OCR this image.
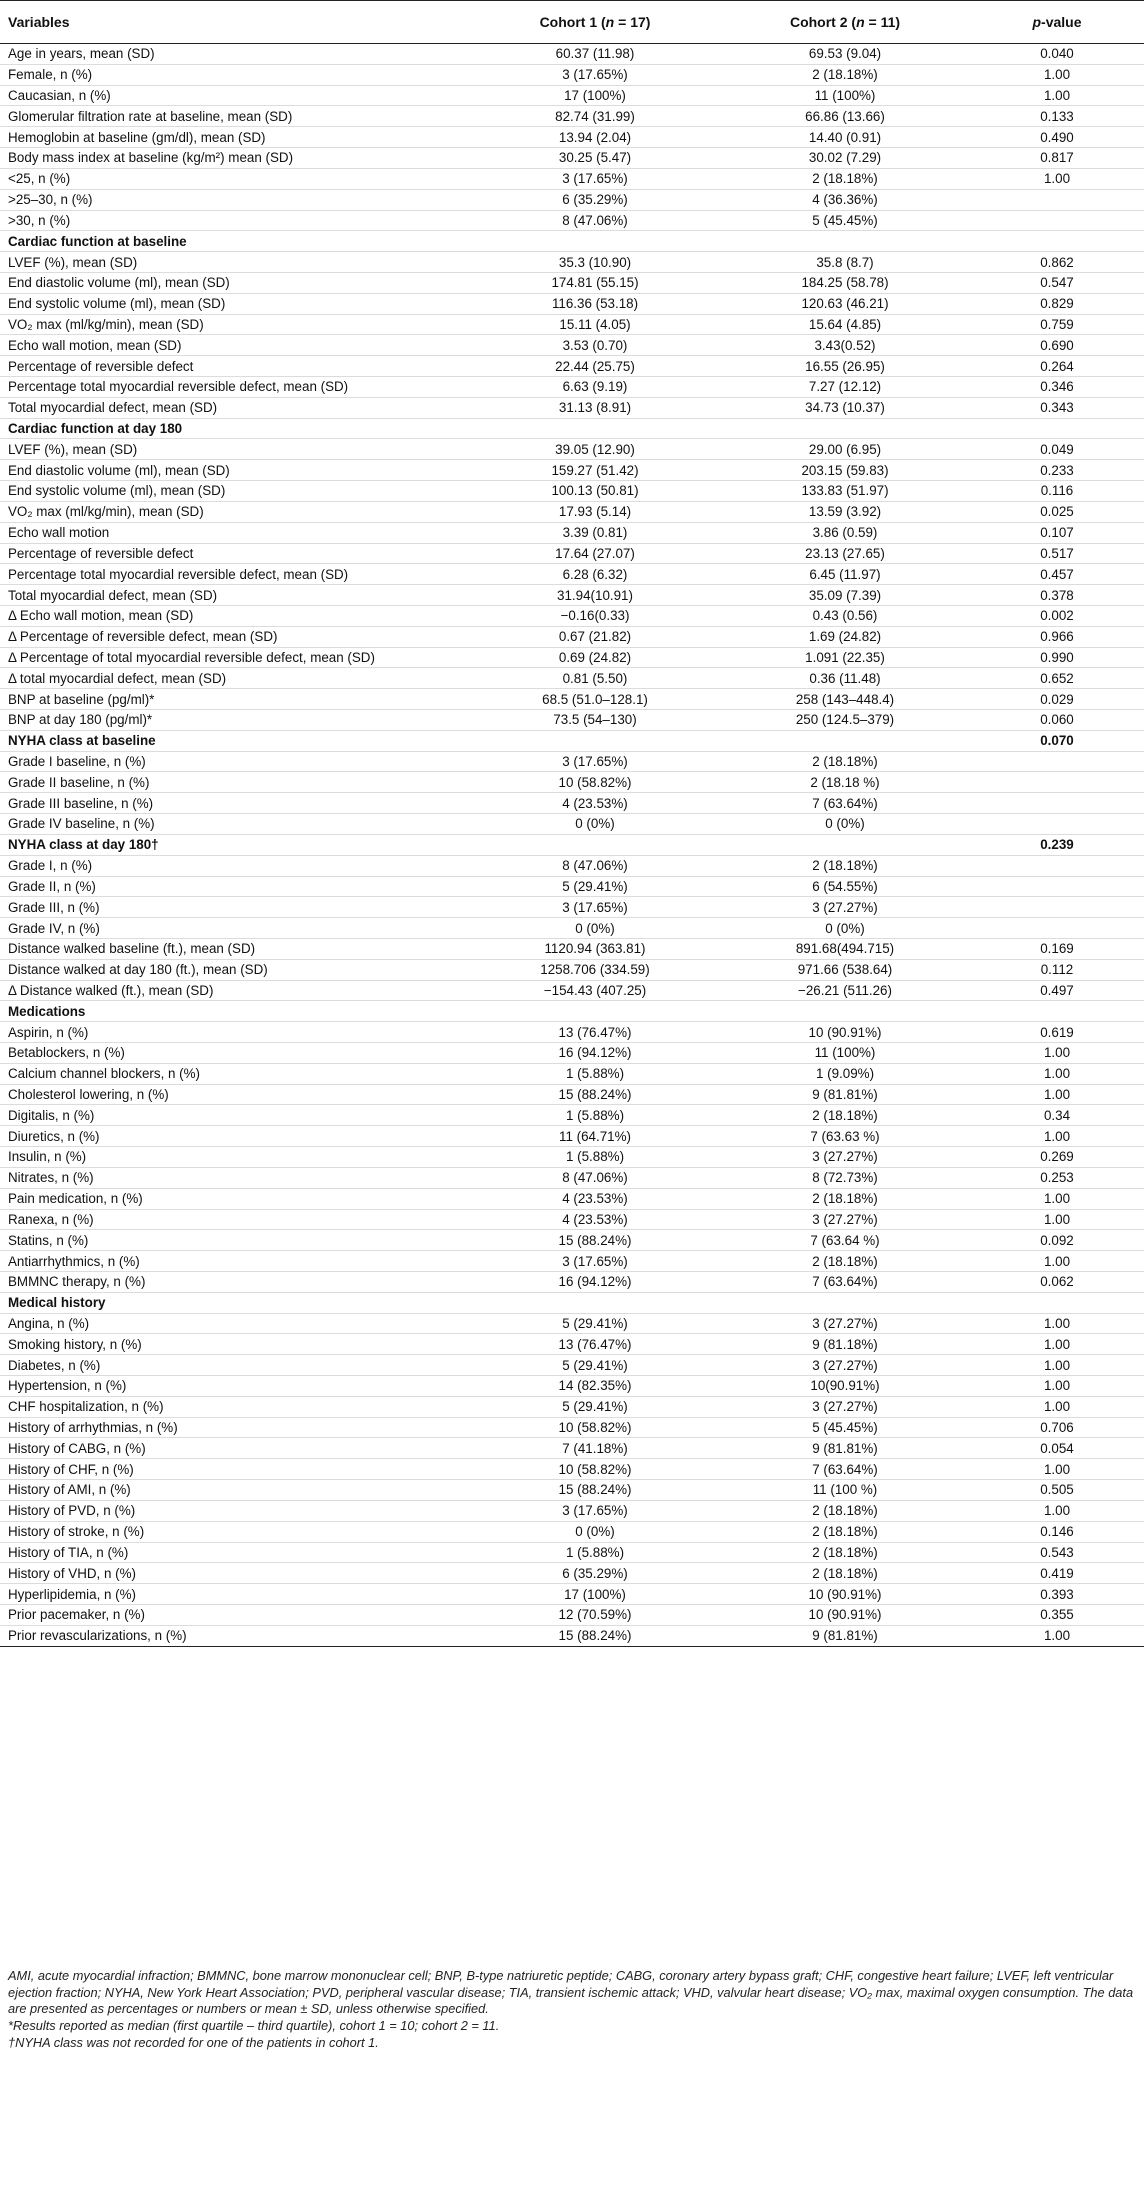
Variables	Cohort 1 (n = 17)	Cohort 2 (n = 11)	p-value
Age in years, mean (SD)	60.37 (11.98)	69.53 (9.04)	0.040
Female, n (%)	3 (17.65%)	2 (18.18%)	1.00
Caucasian, n (%)	17 (100%)	11 (100%)	1.00
Glomerular filtration rate at baseline, mean (SD)	82.74 (31.99)	66.86 (13.66)	0.133
Hemoglobin at baseline (gm/dl), mean (SD)	13.94 (2.04)	14.40 (0.91)	0.490
Body mass index at baseline (kg/m²) mean (SD)	30.25 (5.47)	30.02 (7.29)	0.817
<25, n (%)	3 (17.65%)	2 (18.18%)	1.00
>25–30, n (%)	6 (35.29%)	4 (36.36%)	
>30, n (%)	8 (47.06%)	5 (45.45%)	
Cardiac function at baseline			
LVEF (%), mean (SD)	35.3 (10.90)	35.8 (8.7)	0.862
End diastolic volume (ml), mean (SD)	174.81 (55.15)	184.25 (58.78)	0.547
End systolic volume (ml), mean (SD)	116.36 (53.18)	120.63 (46.21)	0.829
VO₂ max (ml/kg/min), mean (SD)	15.11 (4.05)	15.64 (4.85)	0.759
Echo wall motion, mean (SD)	3.53 (0.70)	3.43(0.52)	0.690
Percentage of reversible defect	22.44 (25.75)	16.55 (26.95)	0.264
Percentage total myocardial reversible defect, mean (SD)	6.63 (9.19)	7.27 (12.12)	0.346
Total myocardial defect, mean (SD)	31.13 (8.91)	34.73 (10.37)	0.343
Cardiac function at day 180			
LVEF (%), mean (SD)	39.05 (12.90)	29.00 (6.95)	0.049
End diastolic volume (ml), mean (SD)	159.27 (51.42)	203.15 (59.83)	0.233
End systolic volume (ml), mean (SD)	100.13 (50.81)	133.83 (51.97)	0.116
VO₂ max (ml/kg/min), mean (SD)	17.93 (5.14)	13.59 (3.92)	0.025
Echo wall motion	3.39 (0.81)	3.86 (0.59)	0.107
Percentage of reversible defect	17.64 (27.07)	23.13 (27.65)	0.517
Percentage total myocardial reversible defect, mean (SD)	6.28 (6.32)	6.45 (11.97)	0.457
Total myocardial defect, mean (SD)	31.94(10.91)	35.09 (7.39)	0.378
Δ Echo wall motion, mean (SD)	−0.16(0.33)	0.43 (0.56)	0.002
Δ Percentage of reversible defect, mean (SD)	0.67 (21.82)	1.69 (24.82)	0.966
Δ Percentage of total myocardial reversible defect, mean (SD)	0.69 (24.82)	1.091 (22.35)	0.990
Δ total myocardial defect, mean (SD)	0.81 (5.50)	0.36 (11.48)	0.652
BNP at baseline (pg/ml)*	68.5 (51.0–128.1)	258 (143–448.4)	0.029
BNP at day 180 (pg/ml)*	73.5 (54–130)	250 (124.5–379)	0.060
NYHA class at baseline			0.070
Grade I baseline, n (%)	3 (17.65%)	2 (18.18%)	
Grade II baseline, n (%)	10 (58.82%)	2 (18.18 %)	
Grade III baseline, n (%)	4 (23.53%)	7 (63.64%)	
Grade IV baseline, n (%)	0 (0%)	0 (0%)	
NYHA class at day 180†			0.239
Grade I, n (%)	8 (47.06%)	2 (18.18%)	
Grade II, n (%)	5 (29.41%)	6 (54.55%)	
Grade III, n (%)	3 (17.65%)	3 (27.27%)	
Grade IV, n (%)	0 (0%)	0 (0%)	
Distance walked baseline (ft.), mean (SD)	1120.94 (363.81)	891.68(494.715)	0.169
Distance walked at day 180 (ft.), mean (SD)	1258.706 (334.59)	971.66 (538.64)	0.112
Δ Distance walked (ft.), mean (SD)	−154.43 (407.25)	−26.21 (511.26)	0.497
Medications			
Aspirin, n (%)	13 (76.47%)	10 (90.91%)	0.619
Betablockers, n (%)	16 (94.12%)	11 (100%)	1.00
Calcium channel blockers, n (%)	1 (5.88%)	1 (9.09%)	1.00
Cholesterol lowering, n (%)	15 (88.24%)	9 (81.81%)	1.00
Digitalis, n (%)	1 (5.88%)	2 (18.18%)	0.34
Diuretics, n (%)	11 (64.71%)	7 (63.63 %)	1.00
Insulin, n (%)	1 (5.88%)	3 (27.27%)	0.269
Nitrates, n (%)	8 (47.06%)	8 (72.73%)	0.253
Pain medication, n (%)	4 (23.53%)	2 (18.18%)	1.00
Ranexa, n (%)	4 (23.53%)	3 (27.27%)	1.00
Statins, n (%)	15 (88.24%)	7 (63.64 %)	0.092
Antiarrhythmics, n (%)	3 (17.65%)	2 (18.18%)	1.00
BMMNC therapy, n (%)	16 (94.12%)	7 (63.64%)	0.062
Medical history			
Angina, n (%)	5 (29.41%)	3 (27.27%)	1.00
Smoking history, n (%)	13 (76.47%)	9 (81.18%)	1.00
Diabetes, n (%)	5 (29.41%)	3 (27.27%)	1.00
Hypertension, n (%)	14 (82.35%)	10(90.91%)	1.00
CHF hospitalization, n (%)	5 (29.41%)	3 (27.27%)	1.00
History of arrhythmias, n (%)	10 (58.82%)	5 (45.45%)	0.706
History of CABG, n (%)	7 (41.18%)	9 (81.81%)	0.054
History of CHF, n (%)	10 (58.82%)	7 (63.64%)	1.00
History of AMI, n (%)	15 (88.24%)	11 (100 %)	0.505
History of PVD, n (%)	3 (17.65%)	2 (18.18%)	1.00
History of stroke, n (%)	0 (0%)	2 (18.18%)	0.146
History of TIA, n (%)	1 (5.88%)	2 (18.18%)	0.543
History of VHD, n (%)	6 (35.29%)	2 (18.18%)	0.419
Hyperlipidemia, n (%)	17 (100%)	10 (90.91%)	0.393
Prior pacemaker, n (%)	12 (70.59%)	10 (90.91%)	0.355
Prior revascularizations, n (%)	15 (88.24%)	9 (81.81%)	1.00
AMI, acute myocardial infraction; BMMNC, bone marrow mononuclear cell; BNP, B-type natriuretic peptide; CABG, coronary artery bypass graft; CHF, congestive heart failure; LVEF, left ventricular ejection fraction; NYHA, New York Heart Association; PVD, peripheral vascular disease; TIA, transient ischemic attack; VHD, valvular heart disease; VO₂ max, maximal oxygen consumption. The data are presented as percentages or numbers or mean ± SD, unless otherwise specified.
*Results reported as median (first quartile – third quartile), cohort 1 = 10; cohort 2 = 11.
†NYHA class was not recorded for one of the patients in cohort 1.
